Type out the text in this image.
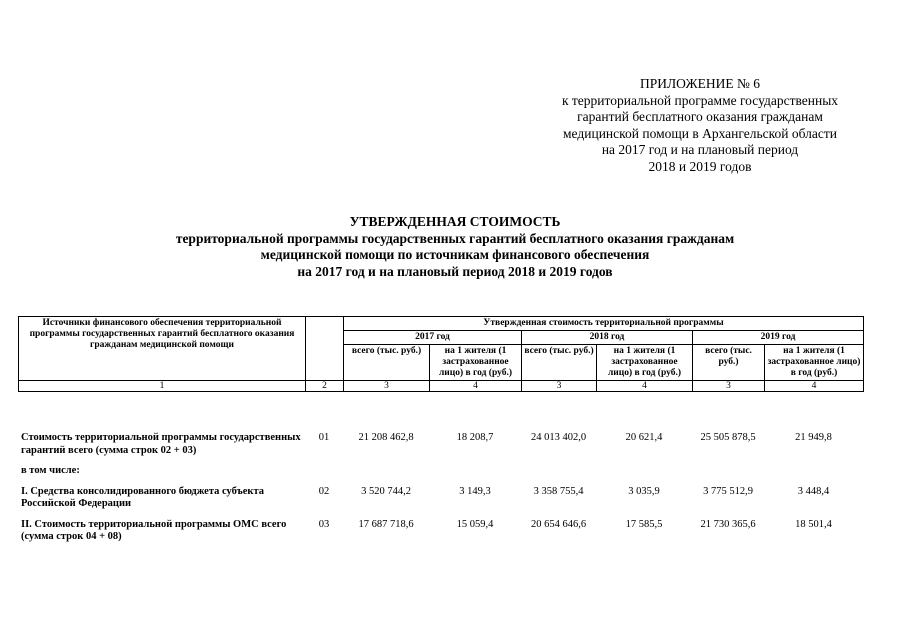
ПРИЛОЖЕНИЕ № 6
к территориальной программе государственных
гарантий бесплатного оказания гражданам
медицинской помощи в Архангельской области
на 2017 год и на плановый период
2018 и 2019 годов
УТВЕРЖДЕННАЯ СТОИМОСТЬ
территориальной программы государственных гарантий бесплатного оказания гражданам
медицинской помощи по источникам финансового обеспечения
на 2017 год и на плановый период 2018 и 2019 годов
Источники финансового обеспечения территориальной программы государственных гарантий бесплатного оказания гражданам медицинской помощи		Утвержденная стоимость территориальной программы					
		2017 год		2018 год		2019 год	
		всего (тыс. руб.)	на 1 жителя (1 застрахованное лицо) в год (руб.)	всего (тыс. руб.)	на 1 жителя (1 застрахованное лицо) в год (руб.)	всего (тыс. руб.)	на 1 жителя (1 застрахованное лицо) в год (руб.)
1	2	3	4	3	4	3	4
Стоимость территориальной программы государственных гарантий всего (сумма строк 02 + 03)	01	21 208 462,8	18 208,7	24 013 402,0	20 621,4	25 505 878,5	21 949,8

в том числе:							

I. Средства консолидированного бюджета субъекта Российской Федерации	02	3 520 744,2	3 149,3	3 358 755,4	3 035,9	3 775 512,9	3 448,4

II. Стоимость территориальной программы ОМС всего (сумма строк 04 + 08)	03	17 687 718,6	15 059,4	20 654 646,6	17 585,5	21 730 365,6	18 501,4
